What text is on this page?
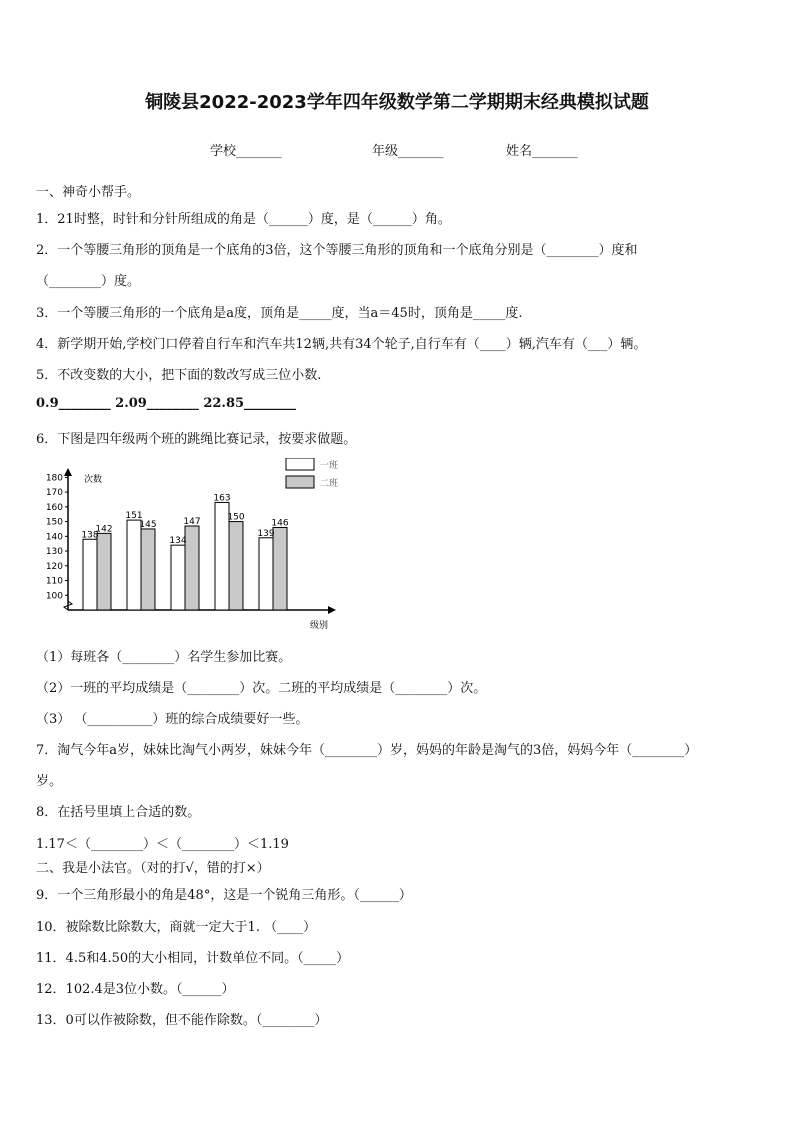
铜陵县2022-2023学年四年级数学第二学期期末经典模拟试题
学校_______	年级_______	姓名_______
一、神奇小帮手。
1．21时整，时针和分针所组成的角是（______）度，是（______）角。
2．一个等腰三角形的顶角是一个底角的3倍，这个等腰三角形的顶角和一个底角分别是（________）度和
（________）度。
3．一个等腰三角形的一个底角是a度，顶角是_____度，当a＝45时，顶角是_____度.
4．新学期开始,学校门口停着自行车和汽车共12辆,共有34个轮子,自行车有（____）辆,汽车有（___）辆。
5．不改变数的大小，把下面的数改写成三位小数.
0.9________ 2.09________ 22.85________
6．下图是四年级两个班的跳绳比赛记录，按要求做题。
次数
级别
100
110
120
130
140
150
160
170
180
138
142
151
145
134
147
163
150
139
146
一班
二班
（1）每班各（________）名学生参加比赛。
（2）一班的平均成绩是（________）次。二班的平均成绩是（________）次。
（3） （__________）班的综合成绩要好一些。
7．淘气今年a岁，妹妹比淘气小两岁，妹妹今年（________）岁，妈妈的年龄是淘气的3倍，妈妈今年（________）
岁。
8．在括号里填上合适的数。
1.17＜（________）＜（________）＜1.19
二、我是小法官。（对的打√，错的打×）
9．一个三角形最小的角是48°，这是一个锐角三角形。（______）
10．被除数比除数大，商就一定大于1. （____）
11．4.5和4.50的大小相同，计数单位不同。（_____）
12．102.4是3位小数。（______）
13．0可以作被除数，但不能作除数。（________）
